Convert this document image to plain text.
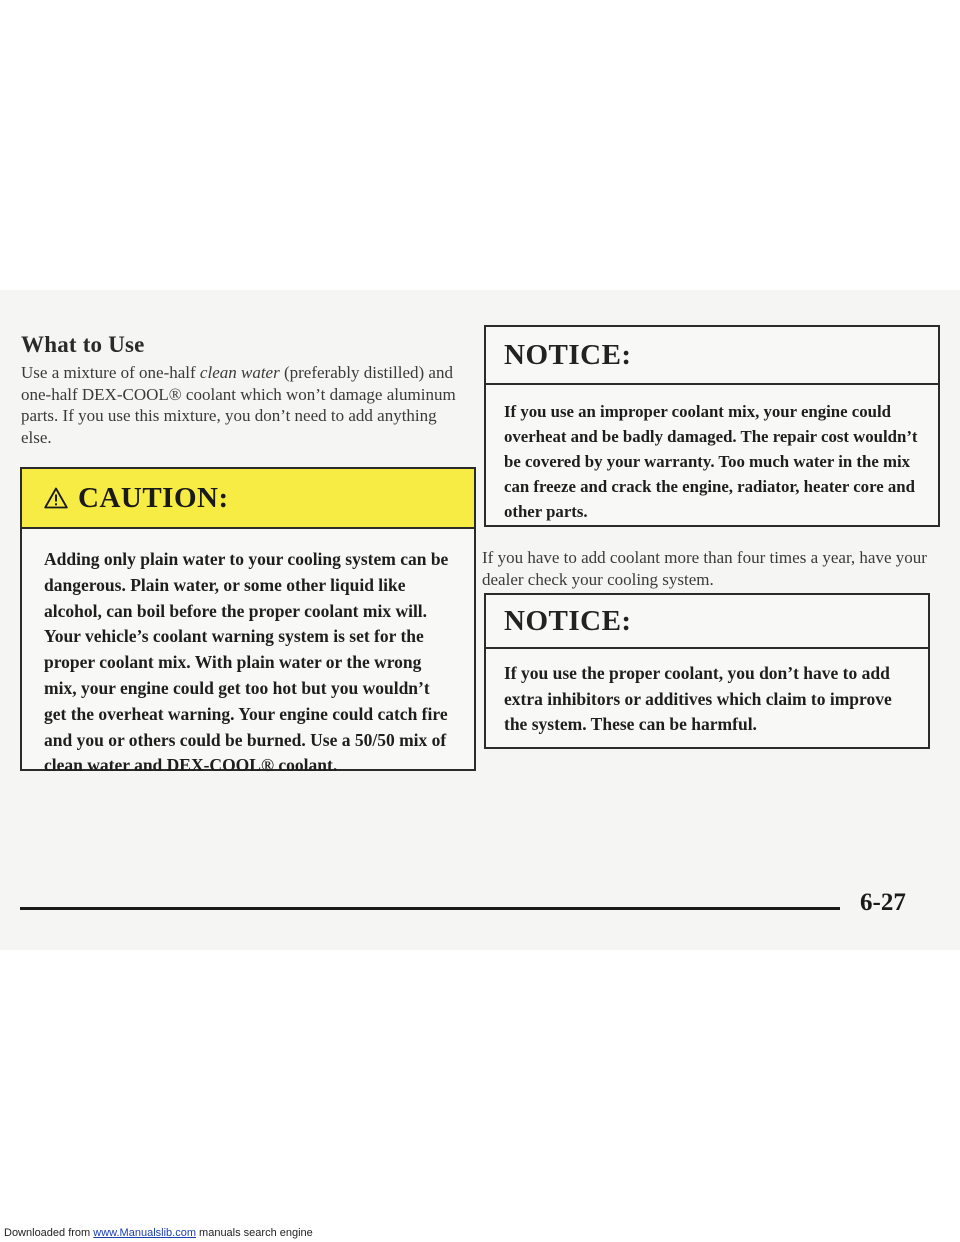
What to Use

Use a mixture of one-half clean water (preferably distilled) and one-half DEX-COOL® coolant which won’t damage aluminum parts. If you use this mixture, you don’t need to add anything else.

CAUTION:
Adding only plain water to your cooling system can be dangerous. Plain water, or some other liquid like alcohol, can boil before the proper coolant mix will. Your vehicle’s coolant warning system is set for the proper coolant mix. With plain water or the wrong mix, your engine could get too hot but you wouldn’t get the overheat warning. Your engine could catch fire and you or others could be burned. Use a 50/50 mix of clean water and DEX-COOL® coolant.
NOTICE:
If you use an improper coolant mix, your engine could overheat and be badly damaged. The repair cost wouldn’t be covered by your warranty. Too much water in the mix can freeze and crack the engine, radiator, heater core and other parts.

If you have to add coolant more than four times a year, have your dealer check your cooling system.

NOTICE:
If you use the proper coolant, you don’t have to add extra inhibitors or additives which claim to improve the system. These can be harmful.

6-27

Downloaded from www.Manualslib.com manuals search engine
